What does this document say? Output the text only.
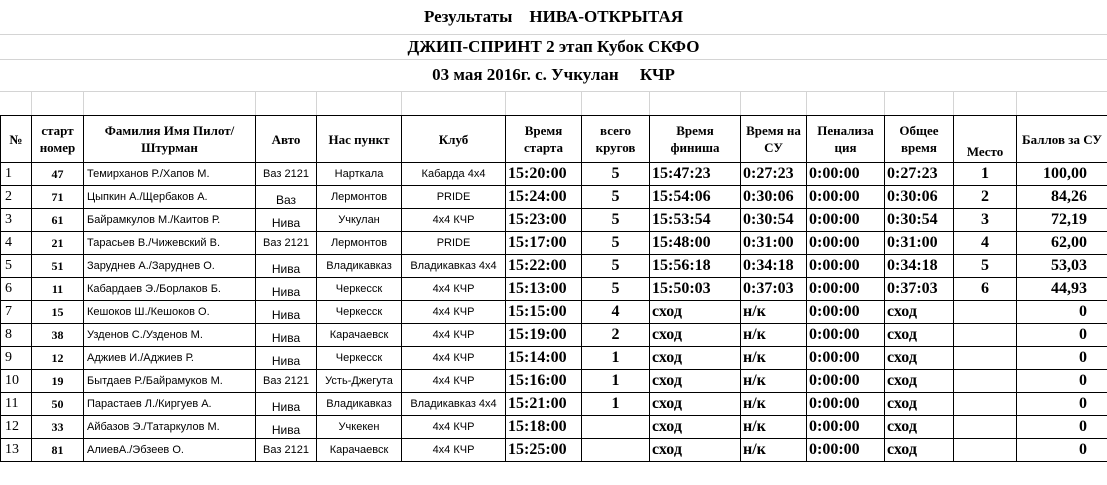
Результаты    НИВА-ОТКРЫТАЯ
ДЖИП-СПРИНТ 2 этап Кубок СКФО
03 мая 2016г. с. Учкулан     КЧР
№	старт номер	Фамилия Имя Пилот/Штурман	Авто	Нас пункт	Клуб	Время старта	всего кругов	Время финиша	Время на СУ	Пенализа ция	Общее время	Место	Баллов за СУ
1	47	Темирханов Р./Хапов М.	Ваз 2121	Нарткала	Кабарда 4х4	15:20:00	5	15:47:23	0:27:23	0:00:00	0:27:23	1	100,00
2	71	Цыпкин А./Щербаков А.	Ваз	Лермонтов	PRIDE	15:24:00	5	15:54:06	0:30:06	0:00:00	0:30:06	2	84,26
3	61	Байрамкулов М./Каитов Р.	Нива	Учкулан	4х4 КЧР	15:23:00	5	15:53:54	0:30:54	0:00:00	0:30:54	3	72,19
4	21	Тарасьев В./Чижевский В.	Ваз 2121	Лермонтов	PRIDE	15:17:00	5	15:48:00	0:31:00	0:00:00	0:31:00	4	62,00
5	51	Заруднев А./Заруднев О.	Нива	Владикавказ	Владикавказ 4х4	15:22:00	5	15:56:18	0:34:18	0:00:00	0:34:18	5	53,03
6	11	Кабардаев Э./Борлаков Б.	Нива	Черкесск	4х4 КЧР	15:13:00	5	15:50:03	0:37:03	0:00:00	0:37:03	6	44,93
7	15	Кешоков Ш./Кешоков О.	Нива	Черкесск	4х4 КЧР	15:15:00	4	сход	н/к	0:00:00	сход		0
8	38	Узденов С./Узденов М.	Нива	Карачаевск	4х4 КЧР	15:19:00	2	сход	н/к	0:00:00	сход		0
9	12	Аджиев И./Аджиев Р.	Нива	Черкесск	4х4 КЧР	15:14:00	1	сход	н/к	0:00:00	сход		0
10	19	Бытдаев Р./Байрамуков М.	Ваз 2121	Усть-Джегута	4х4 КЧР	15:16:00	1	сход	н/к	0:00:00	сход		0
11	50	Парастаев Л./Киргуев А.	Нива	Владикавказ	Владикавказ 4х4	15:21:00	1	сход	н/к	0:00:00	сход		0
12	33	Айбазов Э./Татаркулов М.	Нива	Учкекен	4х4 КЧР	15:18:00		сход	н/к	0:00:00	сход		0
13	81	АлиевА./Эбзеев О.	Ваз 2121	Карачаевск	4х4 КЧР	15:25:00		сход	н/к	0:00:00	сход		0
